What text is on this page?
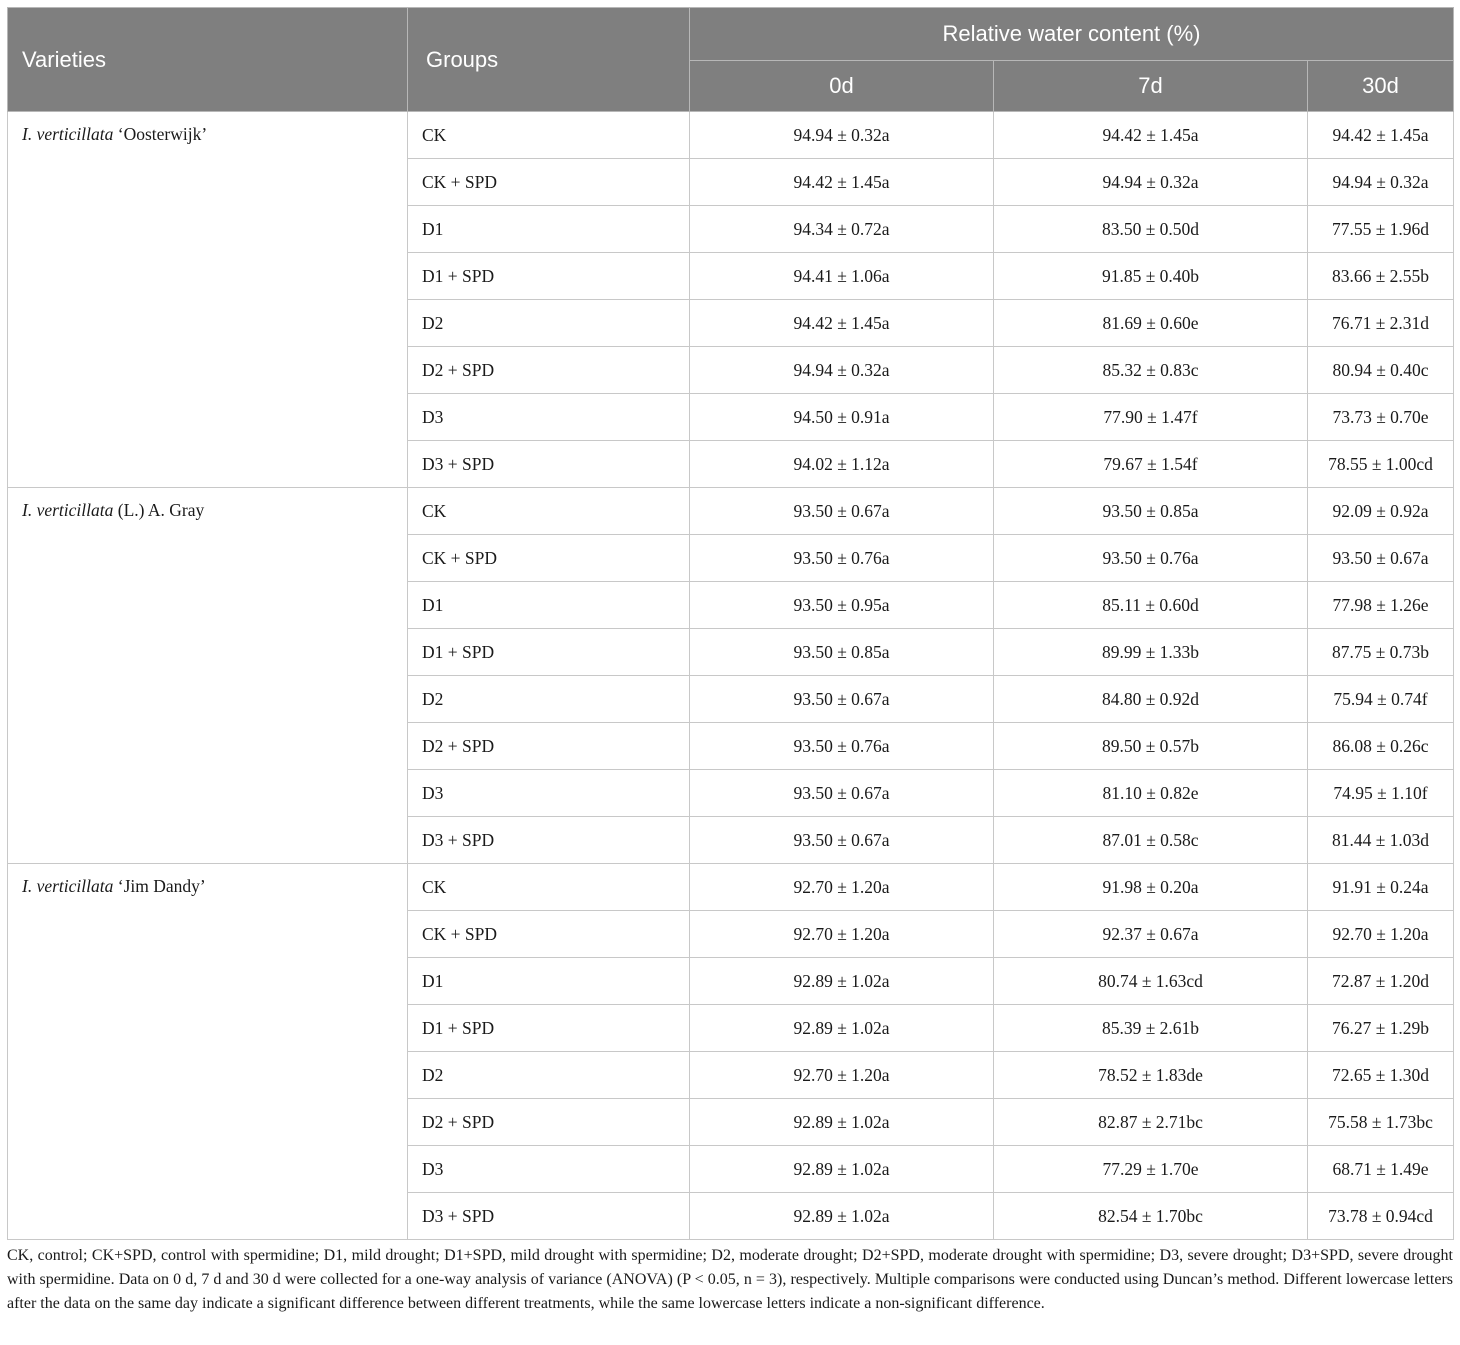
Varieties	Groups	Relative water content (%)		
		0d	7d	30d
I. verticillata ‘Oosterwijk’	CK	94.94 ± 0.32a	94.42 ± 1.45a	94.42 ± 1.45a
	CK + SPD	94.42 ± 1.45a	94.94 ± 0.32a	94.94 ± 0.32a
	D1	94.34 ± 0.72a	83.50 ± 0.50d	77.55 ± 1.96d
	D1 + SPD	94.41 ± 1.06a	91.85 ± 0.40b	83.66 ± 2.55b
	D2	94.42 ± 1.45a	81.69 ± 0.60e	76.71 ± 2.31d
	D2 + SPD	94.94 ± 0.32a	85.32 ± 0.83c	80.94 ± 0.40c
	D3	94.50 ± 0.91a	77.90 ± 1.47f	73.73 ± 0.70e
	D3 + SPD	94.02 ± 1.12a	79.67 ± 1.54f	78.55 ± 1.00cd
I. verticillata (L.) A. Gray	CK	93.50 ± 0.67a	93.50 ± 0.85a	92.09 ± 0.92a
	CK + SPD	93.50 ± 0.76a	93.50 ± 0.76a	93.50 ± 0.67a
	D1	93.50 ± 0.95a	85.11 ± 0.60d	77.98 ± 1.26e
	D1 + SPD	93.50 ± 0.85a	89.99 ± 1.33b	87.75 ± 0.73b
	D2	93.50 ± 0.67a	84.80 ± 0.92d	75.94 ± 0.74f
	D2 + SPD	93.50 ± 0.76a	89.50 ± 0.57b	86.08 ± 0.26c
	D3	93.50 ± 0.67a	81.10 ± 0.82e	74.95 ± 1.10f
	D3 + SPD	93.50 ± 0.67a	87.01 ± 0.58c	81.44 ± 1.03d
I. verticillata ‘Jim Dandy’	CK	92.70 ± 1.20a	91.98 ± 0.20a	91.91 ± 0.24a
	CK + SPD	92.70 ± 1.20a	92.37 ± 0.67a	92.70 ± 1.20a
	D1	92.89 ± 1.02a	80.74 ± 1.63cd	72.87 ± 1.20d
	D1 + SPD	92.89 ± 1.02a	85.39 ± 2.61b	76.27 ± 1.29b
	D2	92.70 ± 1.20a	78.52 ± 1.83de	72.65 ± 1.30d
	D2 + SPD	92.89 ± 1.02a	82.87 ± 2.71bc	75.58 ± 1.73bc
	D3	92.89 ± 1.02a	77.29 ± 1.70e	68.71 ± 1.49e
	D3 + SPD	92.89 ± 1.02a	82.54 ± 1.70bc	73.78 ± 0.94cd
CK, control; CK+SPD, control with spermidine; D1, mild drought; D1+SPD, mild drought with spermidine; D2, moderate drought; D2+SPD, moderate drought with spermidine; D3, severe drought; D3+SPD, severe drought with spermidine. Data on 0 d, 7 d and 30 d were collected for a one-way analysis of variance (ANOVA) (P < 0.05, n = 3), respectively. Multiple comparisons were conducted using Duncan’s method. Different lowercase letters after the data on the same day indicate a significant difference between different treatments, while the same lowercase letters indicate a non-significant difference.
